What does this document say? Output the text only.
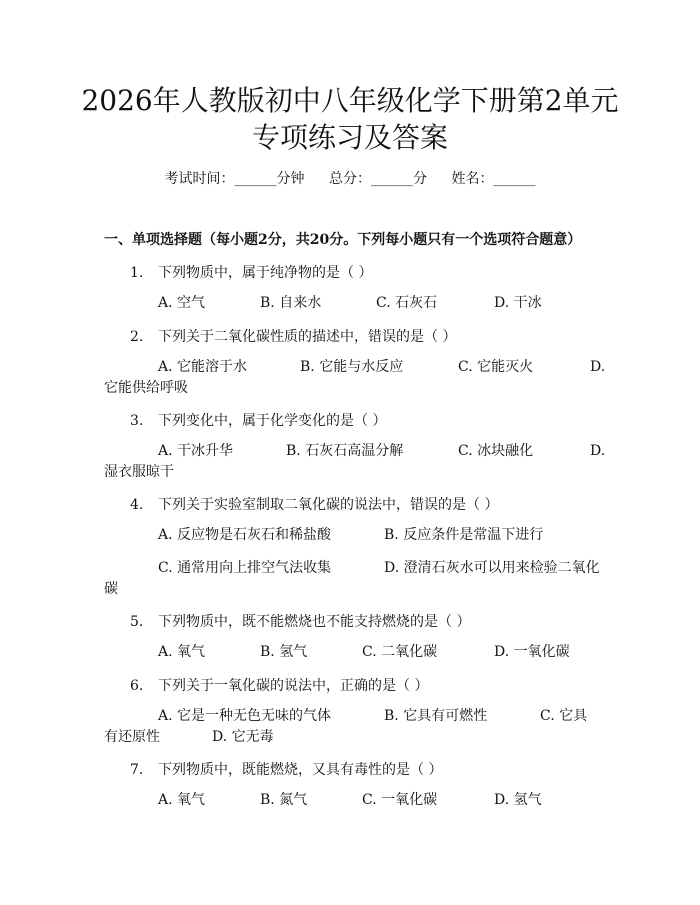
2026年人教版初中八年级化学下册第2单元
专项练习及答案
考试时间：______分钟 总分：______分 姓名：______
一、单项选择题（每小题2分，共20分。下列每小题只有一个选项符合题意）
1. 下列物质中，属于纯净物的是（ ）
A. 空气	B. 自来水	C. 石灰石	D. 干冰
2. 下列关于二氧化碳性质的描述中，错误的是（ ）
A. 它能溶于水	B. 它能与水反应	C. 它能灭火	D.
它能供给呼吸
3. 下列变化中，属于化学变化的是（ ）
A. 干冰升华	B. 石灰石高温分解	C. 冰块融化	D.
湿衣服晾干
4. 下列关于实验室制取二氧化碳的说法中，错误的是（ ）
A. 反应物是石灰石和稀盐酸	B. 反应条件是常温下进行
C. 通常用向上排空气法收集	D. 澄清石灰水可以用来检验二氧化
碳
5. 下列物质中，既不能燃烧也不能支持燃烧的是（ ）
A. 氧气	B. 氢气	C. 二氧化碳	D. 一氧化碳
6. 下列关于一氧化碳的说法中，正确的是（ ）
A. 它是一种无色无味的气体	B. 它具有可燃性	C. 它具
有还原性	D. 它无毒
7. 下列物质中，既能燃烧，又具有毒性的是（ ）
A. 氧气	B. 氮气	C. 一氧化碳	D. 氢气
